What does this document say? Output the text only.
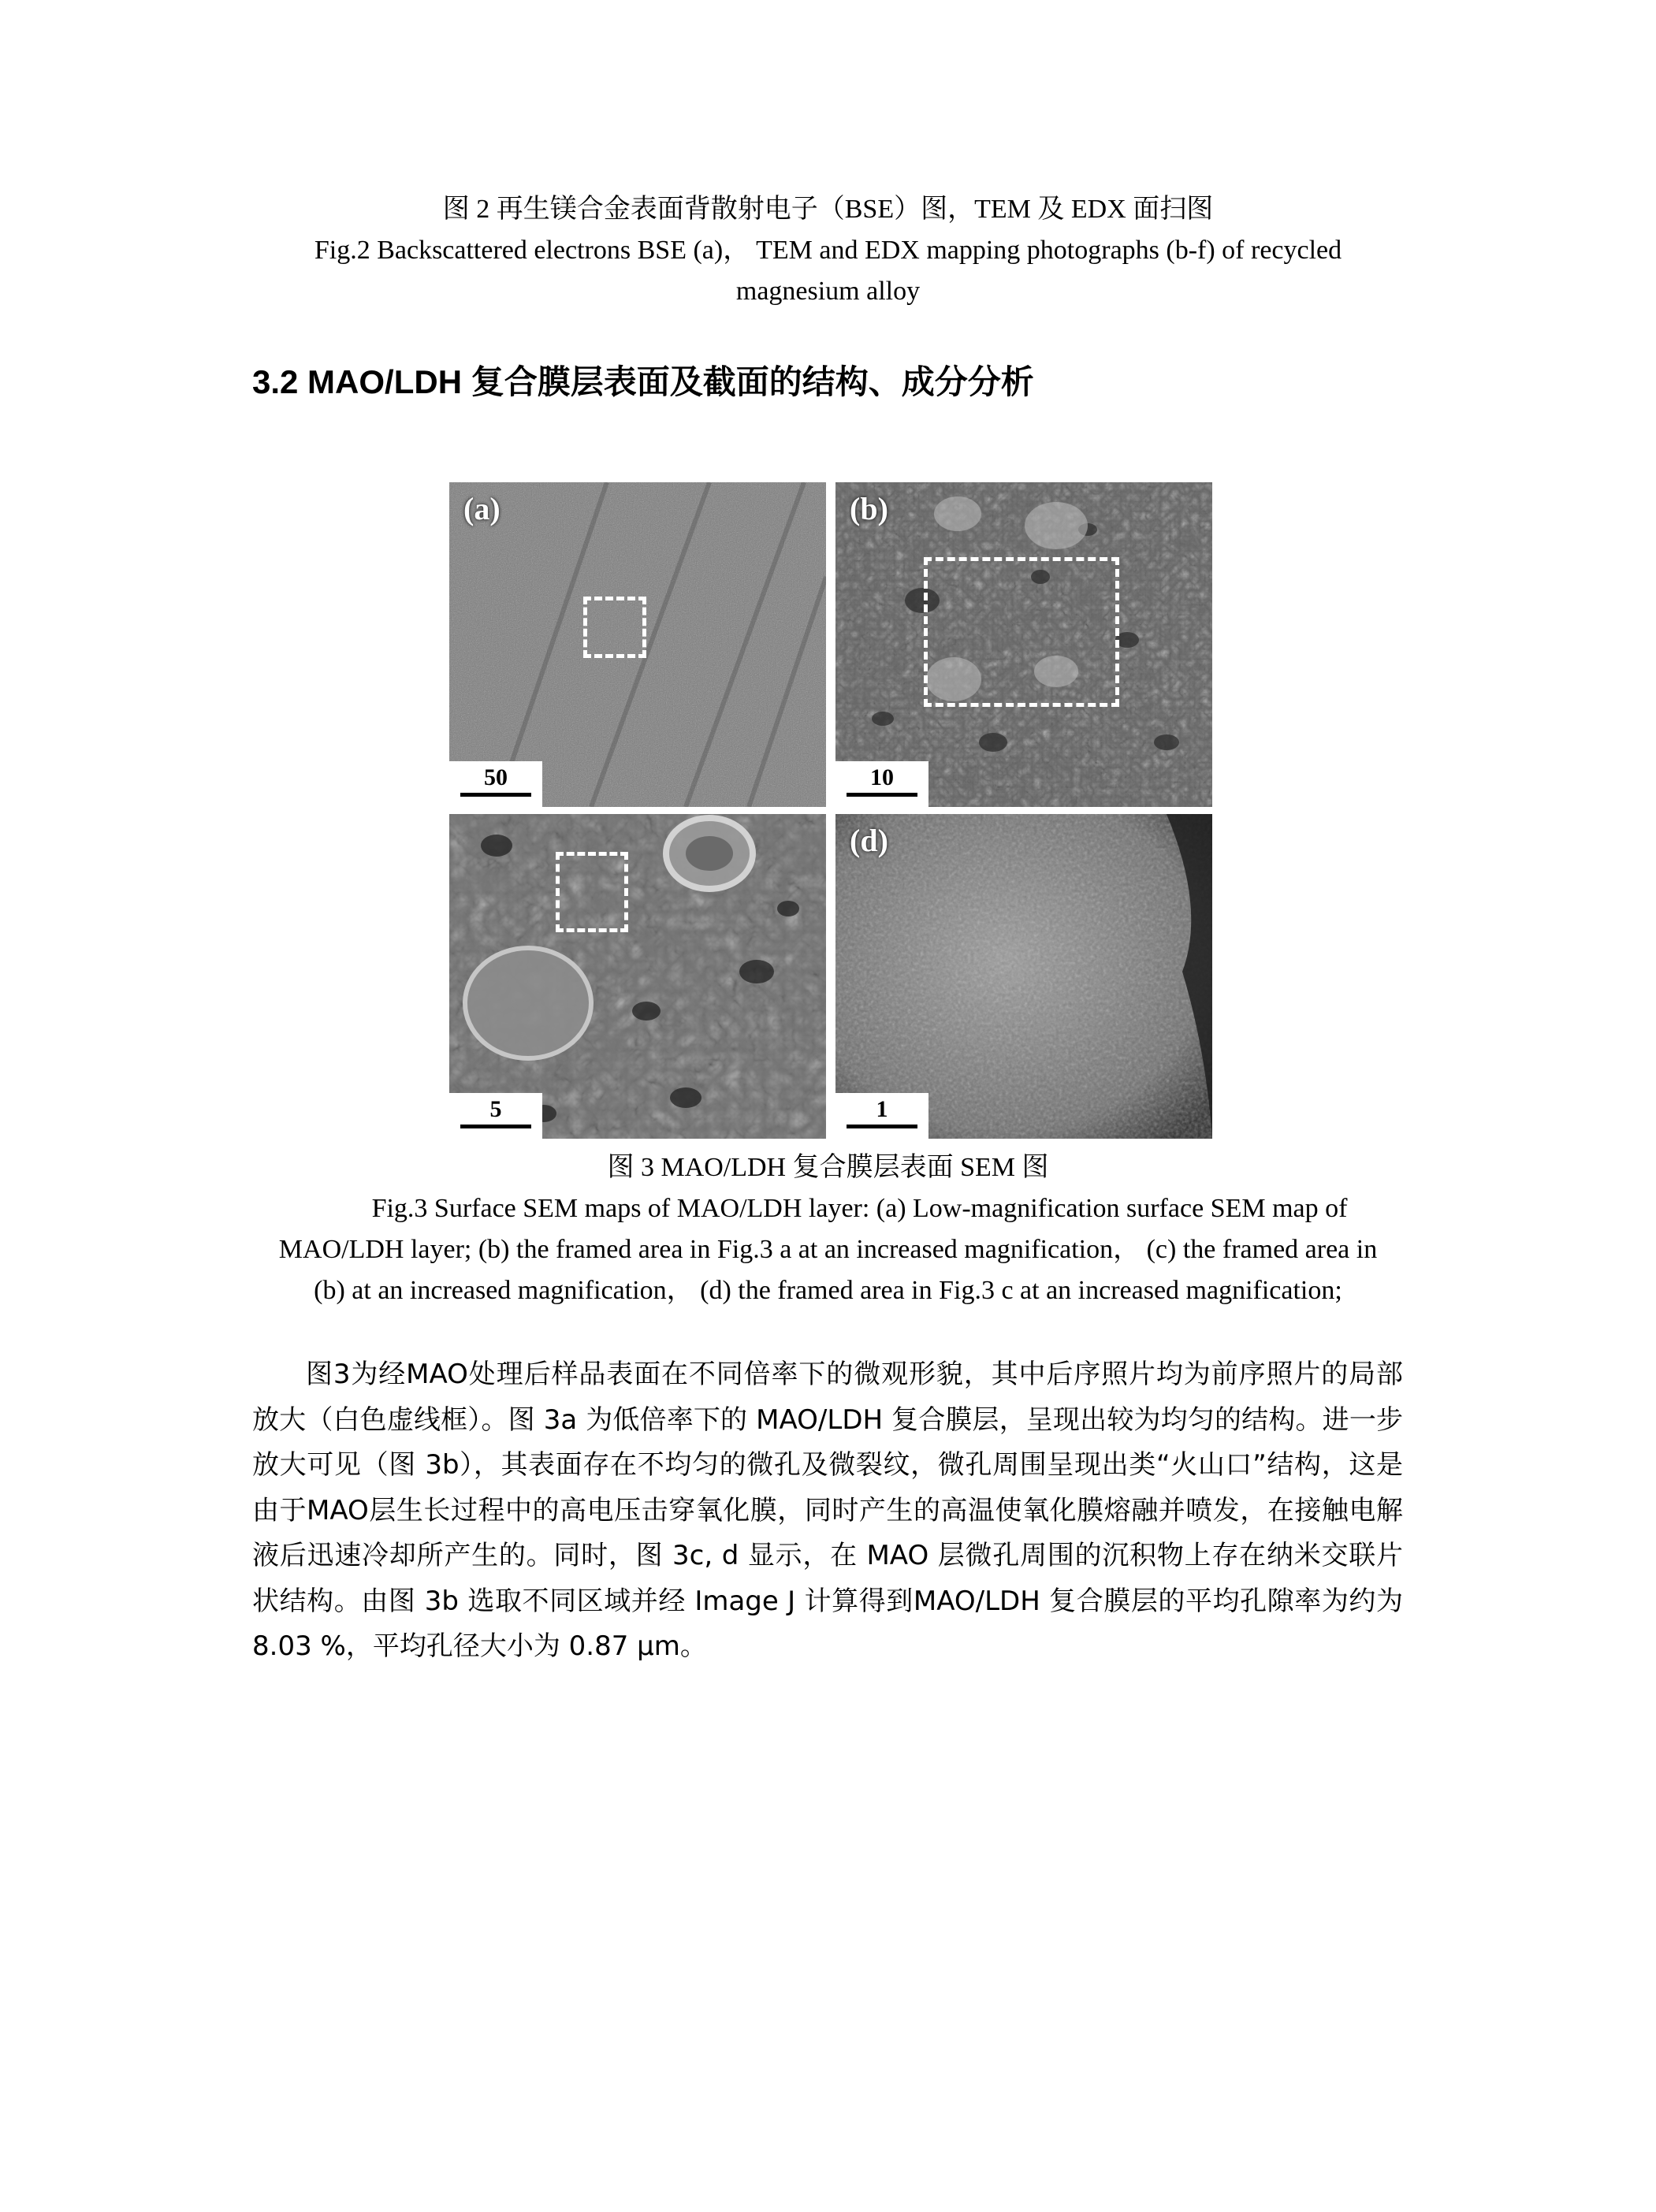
图 2 再生镁合金表面背散射电子（BSE）图，TEM 及 EDX 面扫图
Fig.2 Backscattered electrons BSE (a)， TEM and EDX mapping photographs (b-f) of recycled
magnesium alloy
3.2 MAO/LDH 复合膜层表面及截面的结构、成分分析
(a)
50
(b)
10
5
(d)
1
图 3 MAO/LDH 复合膜层表面 SEM 图
Fig.3 Surface SEM maps of MAO/LDH layer: (a) Low-magnification surface SEM map of
MAO/LDH layer; (b) the framed area in Fig.3 a at an increased magnification， (c) the framed area in
(b) at an increased magnification， (d) the framed area in Fig.3 c at an increased magnification;

图3为经MAO处理后样品表面在不同倍率下的微观形貌，其中后序照片均为前序照片的局部放大（白色虚线框）。图 3a 为低倍率下的 MAO/LDH 复合膜层，呈现出较为均匀的结构。进一步放大可见（图 3b），其表面存在不均匀的微孔及微裂纹，微孔周围呈现出类“火山口”结构，这是由于MAO层生长过程中的高电压击穿氧化膜，同时产生的高温使氧化膜熔融并喷发，在接触电解液后迅速冷却所产生的。同时，图 3c, d 显示，在 MAO 层微孔周围的沉积物上存在纳米交联片状结构。由图 3b 选取不同区域并经 Image J 计算得到MAO/LDH 复合膜层的平均孔隙率为约为 8.03 %，平均孔径大小为 0.87 μm。
